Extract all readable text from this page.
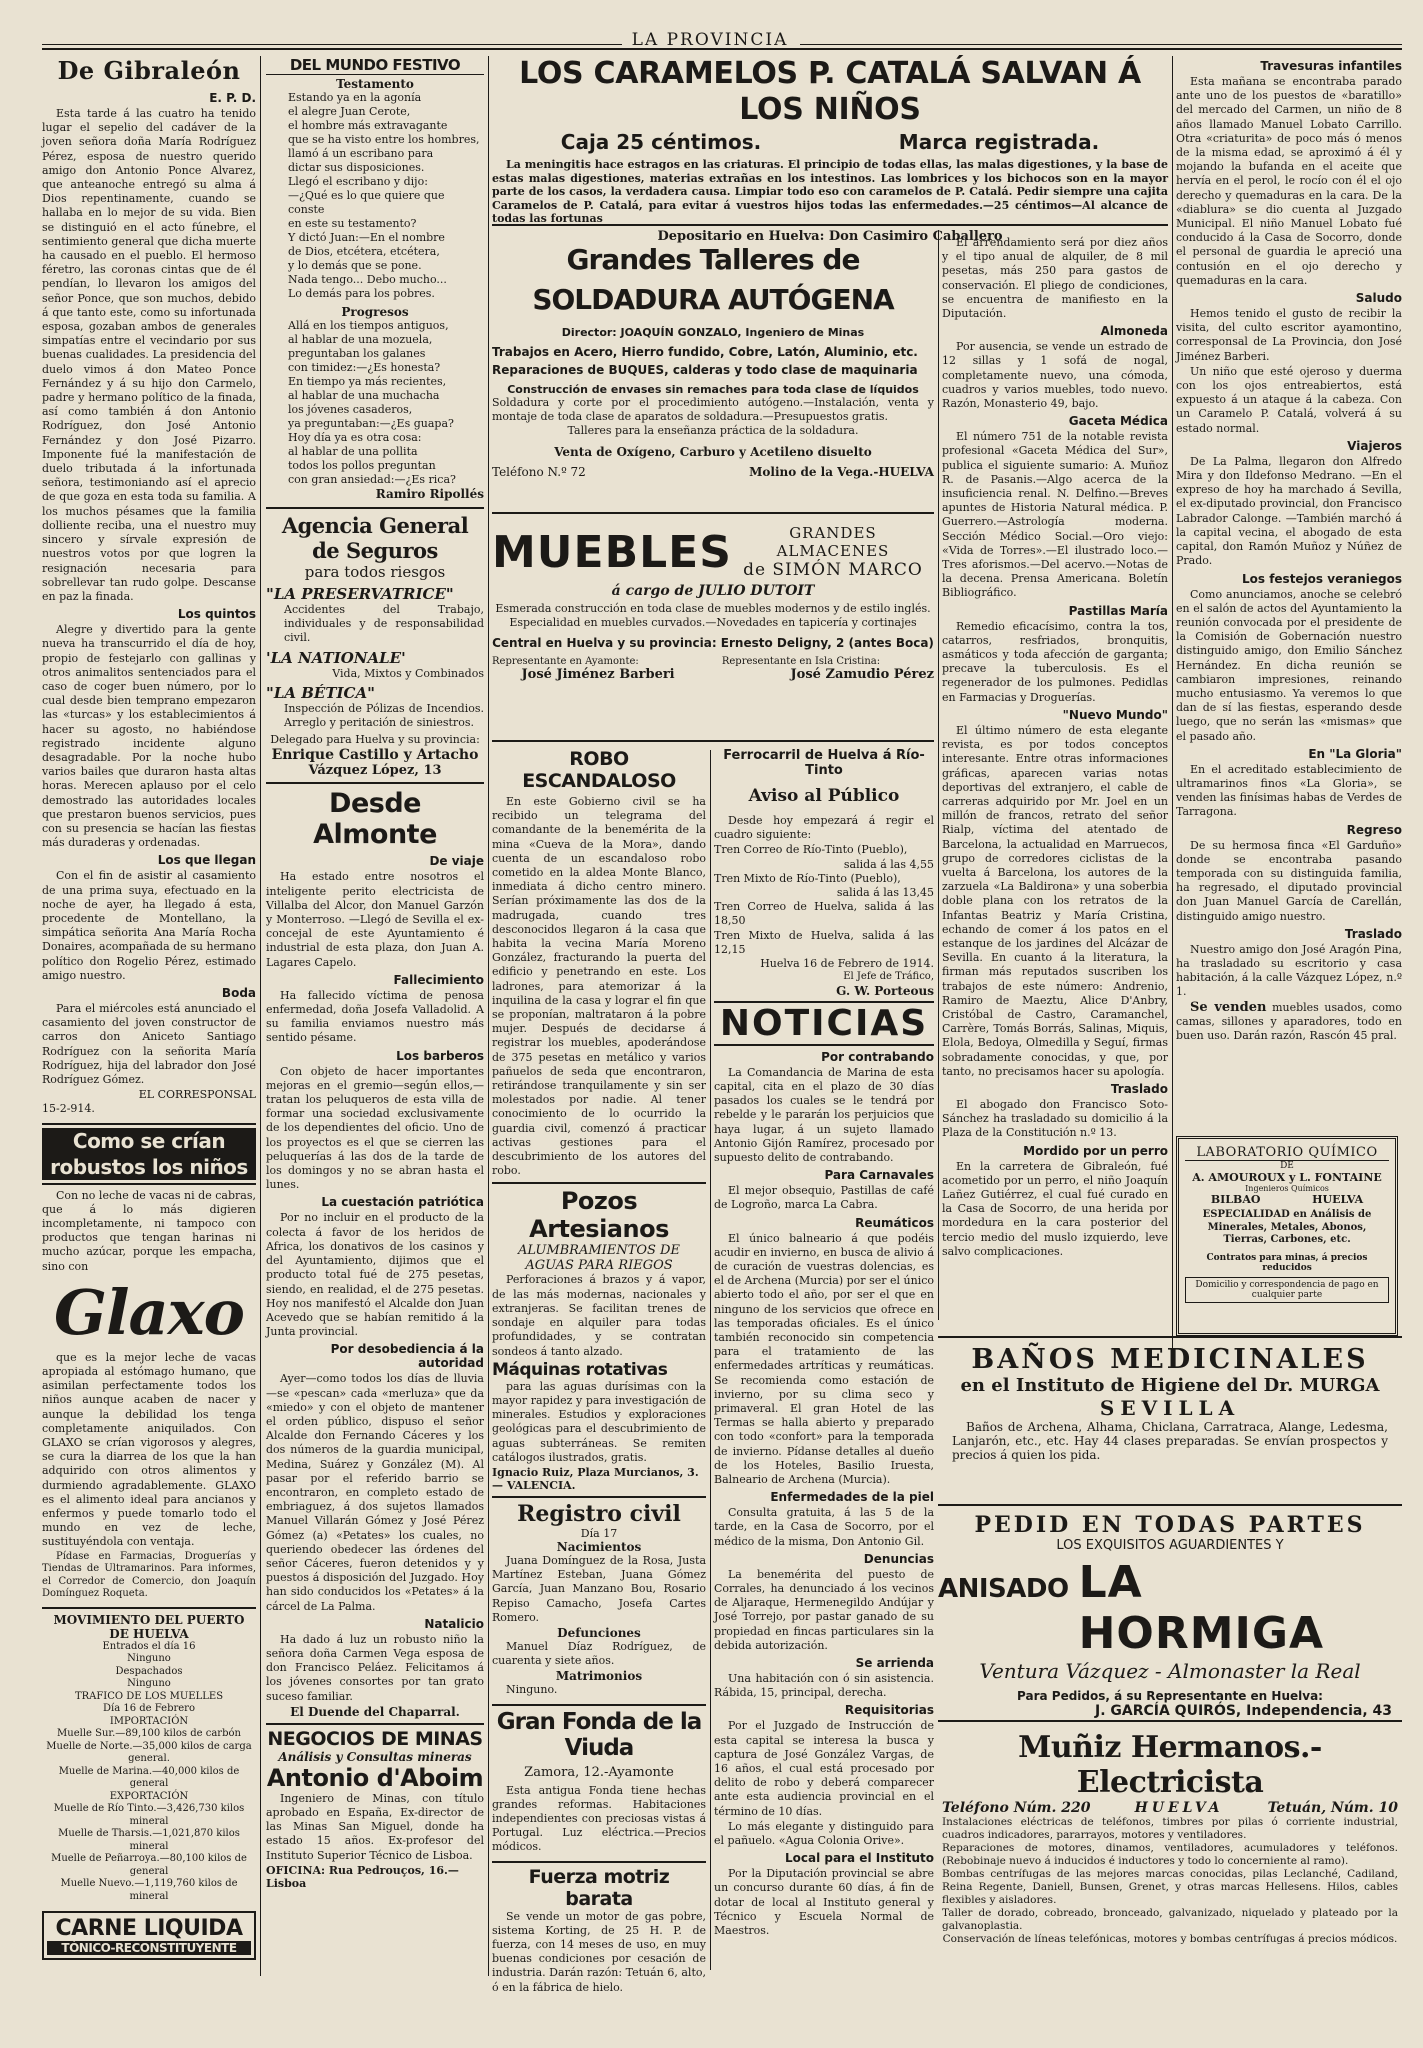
LA PROVINCIA
De Gibraleón
E. P. D.

Esta tarde á las cuatro ha tenido lugar el sepelio del cadáver de la joven señora doña María Rodríguez Pérez, esposa de nuestro querido amigo don Antonio Ponce Alvarez, que anteanoche entregó su alma á Dios repentinamente, cuando se hallaba en lo mejor de su vida. Bien se distinguió en el acto fúnebre, el sentimiento general que dicha muerte ha causado en el pueblo. El hermoso féretro, las coronas cintas que de él pendían, lo llevaron los amigos del señor Ponce, que son muchos, debido á que tanto este, como su infortunada esposa, gozaban ambos de generales simpatías entre el vecindario por sus buenas cualidades. La presidencia del duelo vimos á don Mateo Ponce Fernández y á su hijo don Carmelo, padre y hermano político de la finada, así como también á don Antonio Rodríguez, don José Antonio Fernández y don José Pizarro. Imponente fué la manifestación de duelo tributada á la infortunada señora, testimoniando así el aprecio de que goza en esta toda su familia. A los muchos pésames que la familia dolliente reciba, una el nuestro muy sincero y sírvale expresión de nuestros votos por que logren la resignación necesaria para sobrellevar tan rudo golpe. Descanse en paz la finada.

Los quintos

Alegre y divertido para la gente nueva ha transcurrido el día de hoy, propio de festejarlo con gallinas y otros animalitos sentenciados para el caso de coger buen número, por lo cual desde bien temprano empezaron las «turcas» y los establecimientos á hacer su agosto, no habiéndose registrado incidente alguno desagradable. Por la noche hubo varios bailes que duraron hasta altas horas. Merecen aplauso por el celo demostrado las autoridades locales que prestaron buenos servicios, pues con su presencia se hacían las fiestas más duraderas y ordenadas.

Los que llegan

Con el fin de asistir al casamiento de una prima suya, efectuado en la noche de ayer, ha llegado á esta, procedente de Montellano, la simpática señorita Ana María Rocha Donaires, acompañada de su hermano político don Rogelio Pérez, estimado amigo nuestro.

Boda

Para el miércoles está anunciado el casamiento del joven constructor de carros don Aniceto Santiago Rodríguez con la señorita María Rodríguez, hija del labrador don José Rodríguez Gómez.

EL CORRESPONSAL
15-2-914.
Como se crían robustos los niños

Con no leche de vacas ni de cabras, que á lo más digieren incompletamente, ni tampoco con productos que tengan harinas ni mucho azúcar, porque les empacha, sino con

Glaxo

que es la mejor leche de vacas apropiada al estómago humano, que asimilan perfectamente todos los niños aunque acaben de nacer y aunque la debilidad los tenga completamente aniquilados. Con GLAXO se crían vigorosos y alegres, se cura la diarrea de los que la han adquirido con otros alimentos y durmiendo agradablemente. GLAXO es el alimento ideal para ancianos y enfermos y puede tomarlo todo el mundo en vez de leche, sustituyéndola con ventaja.

Pídase en Farmacias, Droguerías y Tiendas de Ultramarinos. Para informes, el Corredor de Comercio, don Joaquín Domínguez Roqueta.

MOVIMIENTO DEL PUERTO DE HUELVA
Entrados el día 16
Ninguno
Despachados
Ninguno
TRAFICO DE LOS MUELLES
Día 16 de Febrero
IMPORTACIÓN
Muelle Sur.—89,100 kilos de carbón
Muelle de Norte.—35,000 kilos de carga general.
Muelle de Marina.—40,000 kilos de general
EXPORTACIÓN
Muelle de Río Tinto.—3,426,730 kilos mineral
Muelle de Tharsis.—1,021,870 kilos mineral
Muelle de Peñarroya.—80,100 kilos de general
Muelle Nuevo.—1,119,760 kilos de mineral
CARNE LIQUIDA
TÓNICO-RECONSTITUYENTE
DEL MUNDO FESTIVO
Testamento
Estando ya en la agonía
el alegre Juan Cerote,
el hombre más extravagante
que se ha visto entre los hombres,
llamó á un escribano para
dictar sus disposiciones.
Llegó el escribano y dijo:
—¿Qué es lo que quiere que conste
en este su testamento?
Y dictó Juan:—En el nombre
de Dios, etcétera, etcétera,
y lo demás que se pone.
Nada tengo... Debo mucho...
Lo demás para los pobres.
Progresos
Allá en los tiempos antiguos,
al hablar de una mozuela,
preguntaban los galanes
con timidez:—¿Es honesta?
En tiempo ya más recientes,
al hablar de una muchacha
los jóvenes casaderos,
ya preguntaban:—¿Es guapa?
Hoy día ya es otra cosa:
al hablar de una pollita
todos los pollos preguntan
con gran ansiedad:—¿Es rica?
Ramiro Ripollés
Agencia General de Seguros
para todos riesgos
"LA PRESERVATRICE"
Accidentes del Trabajo, individuales y de responsabilidad civil.
'LA NATIONALE'
Vida, Mixtos y Combinados
"LA BÉTICA"
Inspección de Pólizas de Incendios. Arreglo y peritación de siniestros.
Delegado para Huelva y su provincia:
Enrique Castillo y Artacho
Vázquez López, 13
Desde Almonte
De viaje

Ha estado entre nosotros el inteligente perito electricista de Villalba del Alcor, don Manuel Garzón y Monterroso. —Llegó de Sevilla el ex-concejal de este Ayuntamiento é industrial de esta plaza, don Juan A. Lagares Capelo.

Fallecimiento

Ha fallecido víctima de penosa enfermedad, doña Josefa Valladolid. A su familia enviamos nuestro más sentido pésame.

Los barberos

Con objeto de hacer importantes mejoras en el gremio—según ellos,—tratan los peluqueros de esta villa de formar una sociedad exclusivamente de los dependientes del oficio. Uno de los proyectos es el que se cierren las peluquerías á las dos de la tarde de los domingos y no se abran hasta el lunes.

La cuestación patriótica

Por no incluir en el producto de la colecta á favor de los heridos de Africa, los donativos de los casinos y del Ayuntamiento, dijimos que el producto total fué de 275 pesetas, siendo, en realidad, el de 275 pesetas. Hoy nos manifestó el Alcalde don Juan Acevedo que se habían remitido á la Junta provincial.

Por desobediencia á la autoridad

Ayer—como todos los días de lluvia—se «pescan» cada «merluza» que da «miedo» y con el objeto de mantener el orden público, dispuso el señor Alcalde don Fernando Cáceres y los dos números de la guardia municipal, Medina, Suárez y González (M). Al pasar por el referido barrio se encontraron, en completo estado de embriaguez, á dos sujetos llamados Manuel Villarán Gómez y José Pérez Gómez (a) «Petates» los cuales, no queriendo obedecer las órdenes del señor Cáceres, fueron detenidos y y puestos á disposición del Juzgado. Hoy han sido conducidos los «Petates» á la cárcel de La Palma.

Natalicio

Ha dado á luz un robusto niño la señora doña Carmen Vega esposa de don Francisco Peláez. Felicitamos á los jóvenes consortes por tan grato suceso familiar.

El Duende del Chaparral.
NEGOCIOS DE MINAS
Análisis y Consultas mineras
Antonio d'Aboim

Ingeniero de Minas, con título aprobado en España, Ex-director de las Minas San Miguel, donde ha estado 15 años. Ex-profesor del Instituto Superior Técnico de Lisboa.

OFICINA: Rua Pedrouços, 16.—Lisboa
LOS CARAMELOS P. CATALÁ SALVAN Á LOS NIÑOS
Caja 25 céntimos.	Marca registrada.

La meningitis hace estragos en las criaturas. El principio de todas ellas, las malas digestiones, y la base de estas malas digestiones, materias extrañas en los intestinos. Las lombrices y los bichocos son en la mayor parte de los casos, la verdadera causa. Limpiar todo eso con caramelos de P. Catalá. Pedir siempre una cajita Caramelos de P. Catalá, para evitar á vuestros hijos todas las enfermedades.—25 céntimos—Al alcance de todas las fortunas

Depositario en Huelva: Don Casimiro Caballero
Grandes Talleres de SOLDADURA AUTÓGENA
Director: JOAQUÍN GONZALO, Ingeniero de Minas
Trabajos en Acero, Hierro fundido, Cobre, Latón, Aluminio, etc.
Reparaciones de BUQUES, calderas y todo clase de maquinaria
Construcción de envases sin remaches para toda clase de líquidos
Soldadura y corte por el procedimiento autógeno.—Instalación, venta y montaje de toda clase de aparatos de soldadura.—Presupuestos gratis.
Talleres para la enseñanza práctica de la soldadura.
Venta de Oxígeno, Carburo y Acetileno disuelto
Teléfono N.º 72	Molino de la Vega.-HUELVA
MUEBLES	GRANDES ALMACENES
de SIMÓN MARCO
á cargo de JULIO DUTOIT
Esmerada construcción en toda clase de muebles modernos y de estilo inglés. Especialidad en muebles curvados.—Novedades en tapicería y cortinajes
Central en Huelva y su provincia: Ernesto Deligny, 2 (antes Boca)
Representante en Ayamonte:
José Jiménez Barberi
Representante en Isla Cristina:
José Zamudio Pérez
ROBO ESCANDALOSO

En este Gobierno civil se ha recibido un telegrama del comandante de la benemérita de la mina «Cueva de la Mora», dando cuenta de un escandaloso robo cometido en la aldea Monte Blanco, inmediata á dicho centro minero. Serían próximamente las dos de la madrugada, cuando tres desconocidos llegaron á la casa que habita la vecina María Moreno González, fracturando la puerta del edificio y penetrando en este. Los ladrones, para atemorizar á la inquilina de la casa y lograr el fin que se proponían, maltrataron á la pobre mujer. Después de decidarse á registrar los muebles, apoderándose de 375 pesetas en metálico y varios pañuelos de seda que encontraron, retirándose tranquilamente y sin ser molestados por nadie. Al tener conocimiento de lo ocurrido la guardia civil, comenzó á practicar activas gestiones para el descubrimiento de los autores del robo.

Pozos Artesianos
ALUMBRAMIENTOS DE AGUAS PARA RIEGOS

Perforaciones á brazos y á vapor, de las más modernas, nacionales y extranjeras. Se facilitan trenes de sondaje en alquiler para todas profundidades, y se contratan sondeos á tanto alzado.

Máquinas rotativas

para las aguas durísimas con la mayor rapidez y para investigación de minerales. Estudios y exploraciones geológicas para el descubrimiento de aguas subterráneas. Se remiten catálogos ilustrados, gratis.

Ignacio Ruiz, Plaza Murcianos, 3.— VALENCIA.
Registro civil
Día 17
Nacimientos

Juana Domínguez de la Rosa, Justa Martínez Esteban, Juana Gómez García, Juan Manzano Bou, Rosario Repiso Camacho, Josefa Cartes Romero.

Defunciones

Manuel Díaz Rodríguez, de cuarenta y siete años.

Matrimonios

Ninguno.

Gran Fonda de la Viuda
Zamora, 12.-Ayamonte

Esta antigua Fonda tiene hechas grandes reformas. Habitaciones independientes con preciosas vistas á Portugal. Luz eléctrica.—Precios módicos.

Fuerza motriz barata

Se vende un motor de gas pobre, sistema Korting, de 25 H. P. de fuerza, con 14 meses de uso, en muy buenas condiciones por cesación de industria. Darán razón: Tetuán 6, alto, ó en la fábrica de hielo.

Ferrocarril de Huelva á Río-Tinto
Aviso al Público

Desde hoy empezará á regir el cuadro siguiente:

Tren Correo de Río-Tinto (Pueblo),

salida á las 4,55
Tren Mixto de Río-Tinto (Pueblo),

salida á las 13,45
Tren Correo de Huelva, salida á las 18,50
Tren Mixto de Huelva, salida á las 12,15
Huelva 16 de Febrero de 1914.
El Jefe de Tráfico,
G. W. Porteous
NOTICIAS
Por contrabando

La Comandancia de Marina de esta capital, cita en el plazo de 30 días pasados los cuales se le tendrá por rebelde y le pararán los perjuicios que haya lugar, á un sujeto llamado Antonio Gijón Ramírez, procesado por supuesto delito de contrabando.

Para Carnavales

El mejor obsequio, Pastillas de café de Logroño, marca La Cabra.

Reumáticos

El único balneario á que podéis acudir en invierno, en busca de alivio á de curación de vuestras dolencias, es el de Archena (Murcia) por ser el único abierto todo el año, por ser el que en ninguno de los servicios que ofrece en las temporadas oficiales. Es el único también reconocido sin competencia para el tratamiento de las enfermedades artríticas y reumáticas. Se recomienda como estación de invierno, por su clima seco y primaveral. El gran Hotel de las Termas se halla abierto y preparado con todo «confort» para la temporada de invierno. Pídanse detalles al dueño de los Hoteles, Basilio Iruesta, Balneario de Archena (Murcia).

Enfermedades de la piel

Consulta gratuita, á las 5 de la tarde, en la Casa de Socorro, por el médico de la misma, Don Antonio Gil.

Denuncias

La benemérita del puesto de Corrales, ha denunciado á los vecinos de Aljaraque, Hermenegildo Andújar y José Torrejo, por pastar ganado de su propiedad en fincas particulares sin la debida autorización.

Se arrienda

Una habitación con ó sin asistencia. Rábida, 15, principal, derecha.

Requisitorias

Por el Juzgado de Instrucción de esta capital se interesa la busca y captura de José González Vargas, de 16 años, el cual está procesado por delito de robo y deberá comparecer ante esta audiencia provincial en el término de 10 días.

Lo más elegante y distinguido para el pañuelo. «Agua Colonia Orive».

Local para el Instituto

Por la Diputación provincial se abre un concurso durante 60 días, á fin de dotar de local al Instituto general y Técnico y Escuela Normal de Maestros.

El arrendamiento será por diez años y el tipo anual de alquiler, de 8 mil pesetas, más 250 para gastos de conservación. El pliego de condiciones, se encuentra de manifiesto en la Diputación.

Almoneda

Por ausencia, se vende un estrado de 12 sillas y 1 sofá de nogal, completamente nuevo, una cómoda, cuadros y varios muebles, todo nuevo. Razón, Monasterio 49, bajo.

Gaceta Médica

El número 751 de la notable revista profesional «Gaceta Médica del Sur», publica el siguiente sumario: A. Muñoz R. de Pasanis.—Algo acerca de la insuficiencia renal. N. Delfino.—Breves apuntes de Historia Natural médica. P. Guerrero.—Astrología moderna. Sección Médico Social.—Oro viejo: «Vida de Torres».—El ilustrado loco.—Tres aforismos.—Del acervo.—Notas de la decena. Prensa Americana. Boletín Bibliográfico.

Pastillas María

Remedio eficacísimo, contra la tos, catarros, resfriados, bronquitis, asmáticos y toda afección de garganta; precave la tuberculosis. Es el regenerador de los pulmones. Pedidlas en Farmacias y Droguerías.

"Nuevo Mundo"

El último número de esta elegante revista, es por todos conceptos interesante. Entre otras informaciones gráficas, aparecen varias notas deportivas del extranjero, el cable de carreras adquirido por Mr. Joel en un millón de francos, retrato del señor Rialp, víctima del atentado de Barcelona, la actualidad en Marruecos, grupo de corredores ciclistas de la vuelta á Barcelona, los autores de la zarzuela «La Baldirona» y una soberbia doble plana con los retratos de la Infantas Beatriz y María Cristina, echando de comer á los patos en el estanque de los jardines del Alcázar de Sevilla. En cuanto á la literatura, la firman más reputados suscriben los trabajos de este número: Andrenio, Ramiro de Maeztu, Alice D'Anbry, Cristóbal de Castro, Caramanchel, Carrère, Tomás Borrás, Salinas, Miquis, Elola, Bedoya, Olmedilla y Seguí, firmas sobradamente conocidas, y que, por tanto, no precisamos hacer su apología.

Traslado

El abogado don Francisco Soto-Sánchez ha trasladado su domicilio á la Plaza de la Constitución n.º 13.

Mordido por un perro

En la carretera de Gibraleón, fué acometido por un perro, el niño Joaquín Lañez Gutiérrez, el cual fué curado en la Casa de Socorro, de una herida por mordedura en la cara posterior del tercio medio del muslo izquierdo, leve salvo complicaciones.

Travesuras infantiles

Esta mañana se encontraba parado ante uno de los puestos de «baratillo» del mercado del Carmen, un niño de 8 años llamado Manuel Lobato Carrillo. Otra «criaturita» de poco más ó menos de la misma edad, se aproximó á él y mojando la bufanda en el aceite que hervía en el perol, le rocío con él el ojo derecho y quemaduras en la cara. De la «diablura» se dio cuenta al Juzgado Municipal. El niño Manuel Lobato fué conducido á la Casa de Socorro, donde el personal de guardia le apreció una contusión en el ojo derecho y quemaduras en la cara.

Saludo

Hemos tenido el gusto de recibir la visita, del culto escritor ayamontino, corresponsal de La Provincia, don José Jiménez Barberi.

Un niño que esté ojeroso y duerma con los ojos entreabiertos, está expuesto á un ataque á la cabeza. Con un Caramelo P. Catalá, volverá á su estado normal.

Viajeros

De La Palma, llegaron don Alfredo Mira y don Ildefonso Medrano. —En el expreso de hoy ha marchado á Sevilla, el ex-diputado provincial, don Francisco Labrador Calonge. —También marchó á la capital vecina, el abogado de esta capital, don Ramón Muñoz y Núñez de Prado.

Los festejos veraniegos

Como anunciamos, anoche se celebró en el salón de actos del Ayuntamiento la reunión convocada por el presidente de la Comisión de Gobernación nuestro distinguido amigo, don Emilio Sánchez Hernández. En dicha reunión se cambiaron impresiones, reinando mucho entusiasmo. Ya veremos lo que dan de sí las fiestas, esperando desde luego, que no serán las «mismas» que el pasado año.

En "La Gloria"

En el acreditado establecimiento de ultramarinos finos «La Gloria», se venden las finísimas habas de Verdes de Tarragona.

Regreso

De su hermosa finca «El Garduño» donde se encontraba pasando temporada con su distinguida familia, ha regresado, el diputado provincial don Juan Manuel García de Carellán, distinguido amigo nuestro.

Traslado

Nuestro amigo don José Aragón Pina, ha trasladado su escritorio y casa habitación, á la calle Vázquez López, n.º 1.

Se venden muebles usados, como camas, sillones y aparadores, todo en buen uso. Darán razón, Rascón 45 pral.

LABORATORIO QUÍMICO
DE
A. AMOUROUX y L. FONTAINE
Ingenieros Químicos
BILBAO	HUELVA
ESPECIALIDAD en Análisis de Minerales, Metales, Abonos, Tierras, Carbones, etc.
Contratos para minas, á precios reducidos
Domicilio y correspondencia de pago en cualquier parte
BAÑOS MEDICINALES
en el Instituto de Higiene del Dr. MURGA
SEVILLA

Baños de Archena, Alhama, Chiclana, Carratraca, Alange, Ledesma, Lanjarón, etc., etc. Hay 44 clases preparadas. Se envían prospectos y precios á quien los pida.

PEDID EN TODAS PARTES
LOS EXQUISITOS AGUARDIENTES Y
ANISADO LA HORMIGA
Ventura Vázquez - Almonaster la Real
Para Pedidos, á su Representante en Huelva:
J. GARCÍA QUIRÓS, Independencia, 43
Muñiz Hermanos.-Electricista
Teléfono Núm. 220	HUELVA	Tetuán, Núm. 10
Instalaciones eléctricas de teléfonos, timbres por pilas ó corriente industrial, cuadros indicadores, pararrayos, motores y ventiladores.
Reparaciones de motores, dinamos, ventiladores, acumuladores y teléfonos. (Rebobinaje nuevo á inducidos é inductores y todo lo concerniente al ramo).
Bombas centrífugas de las mejores marcas conocidas, pilas Leclanché, Cadiland, Reina Regente, Daniell, Bunsen, Grenet, y otras marcas Hellesens. Hilos, cables flexibles y aisladores.
Taller de dorado, cobreado, bronceado, galvanizado, niquelado y plateado por la galvanoplastia.
Conservación de líneas telefónicas, motores y bombas centrífugas á precios módicos.
